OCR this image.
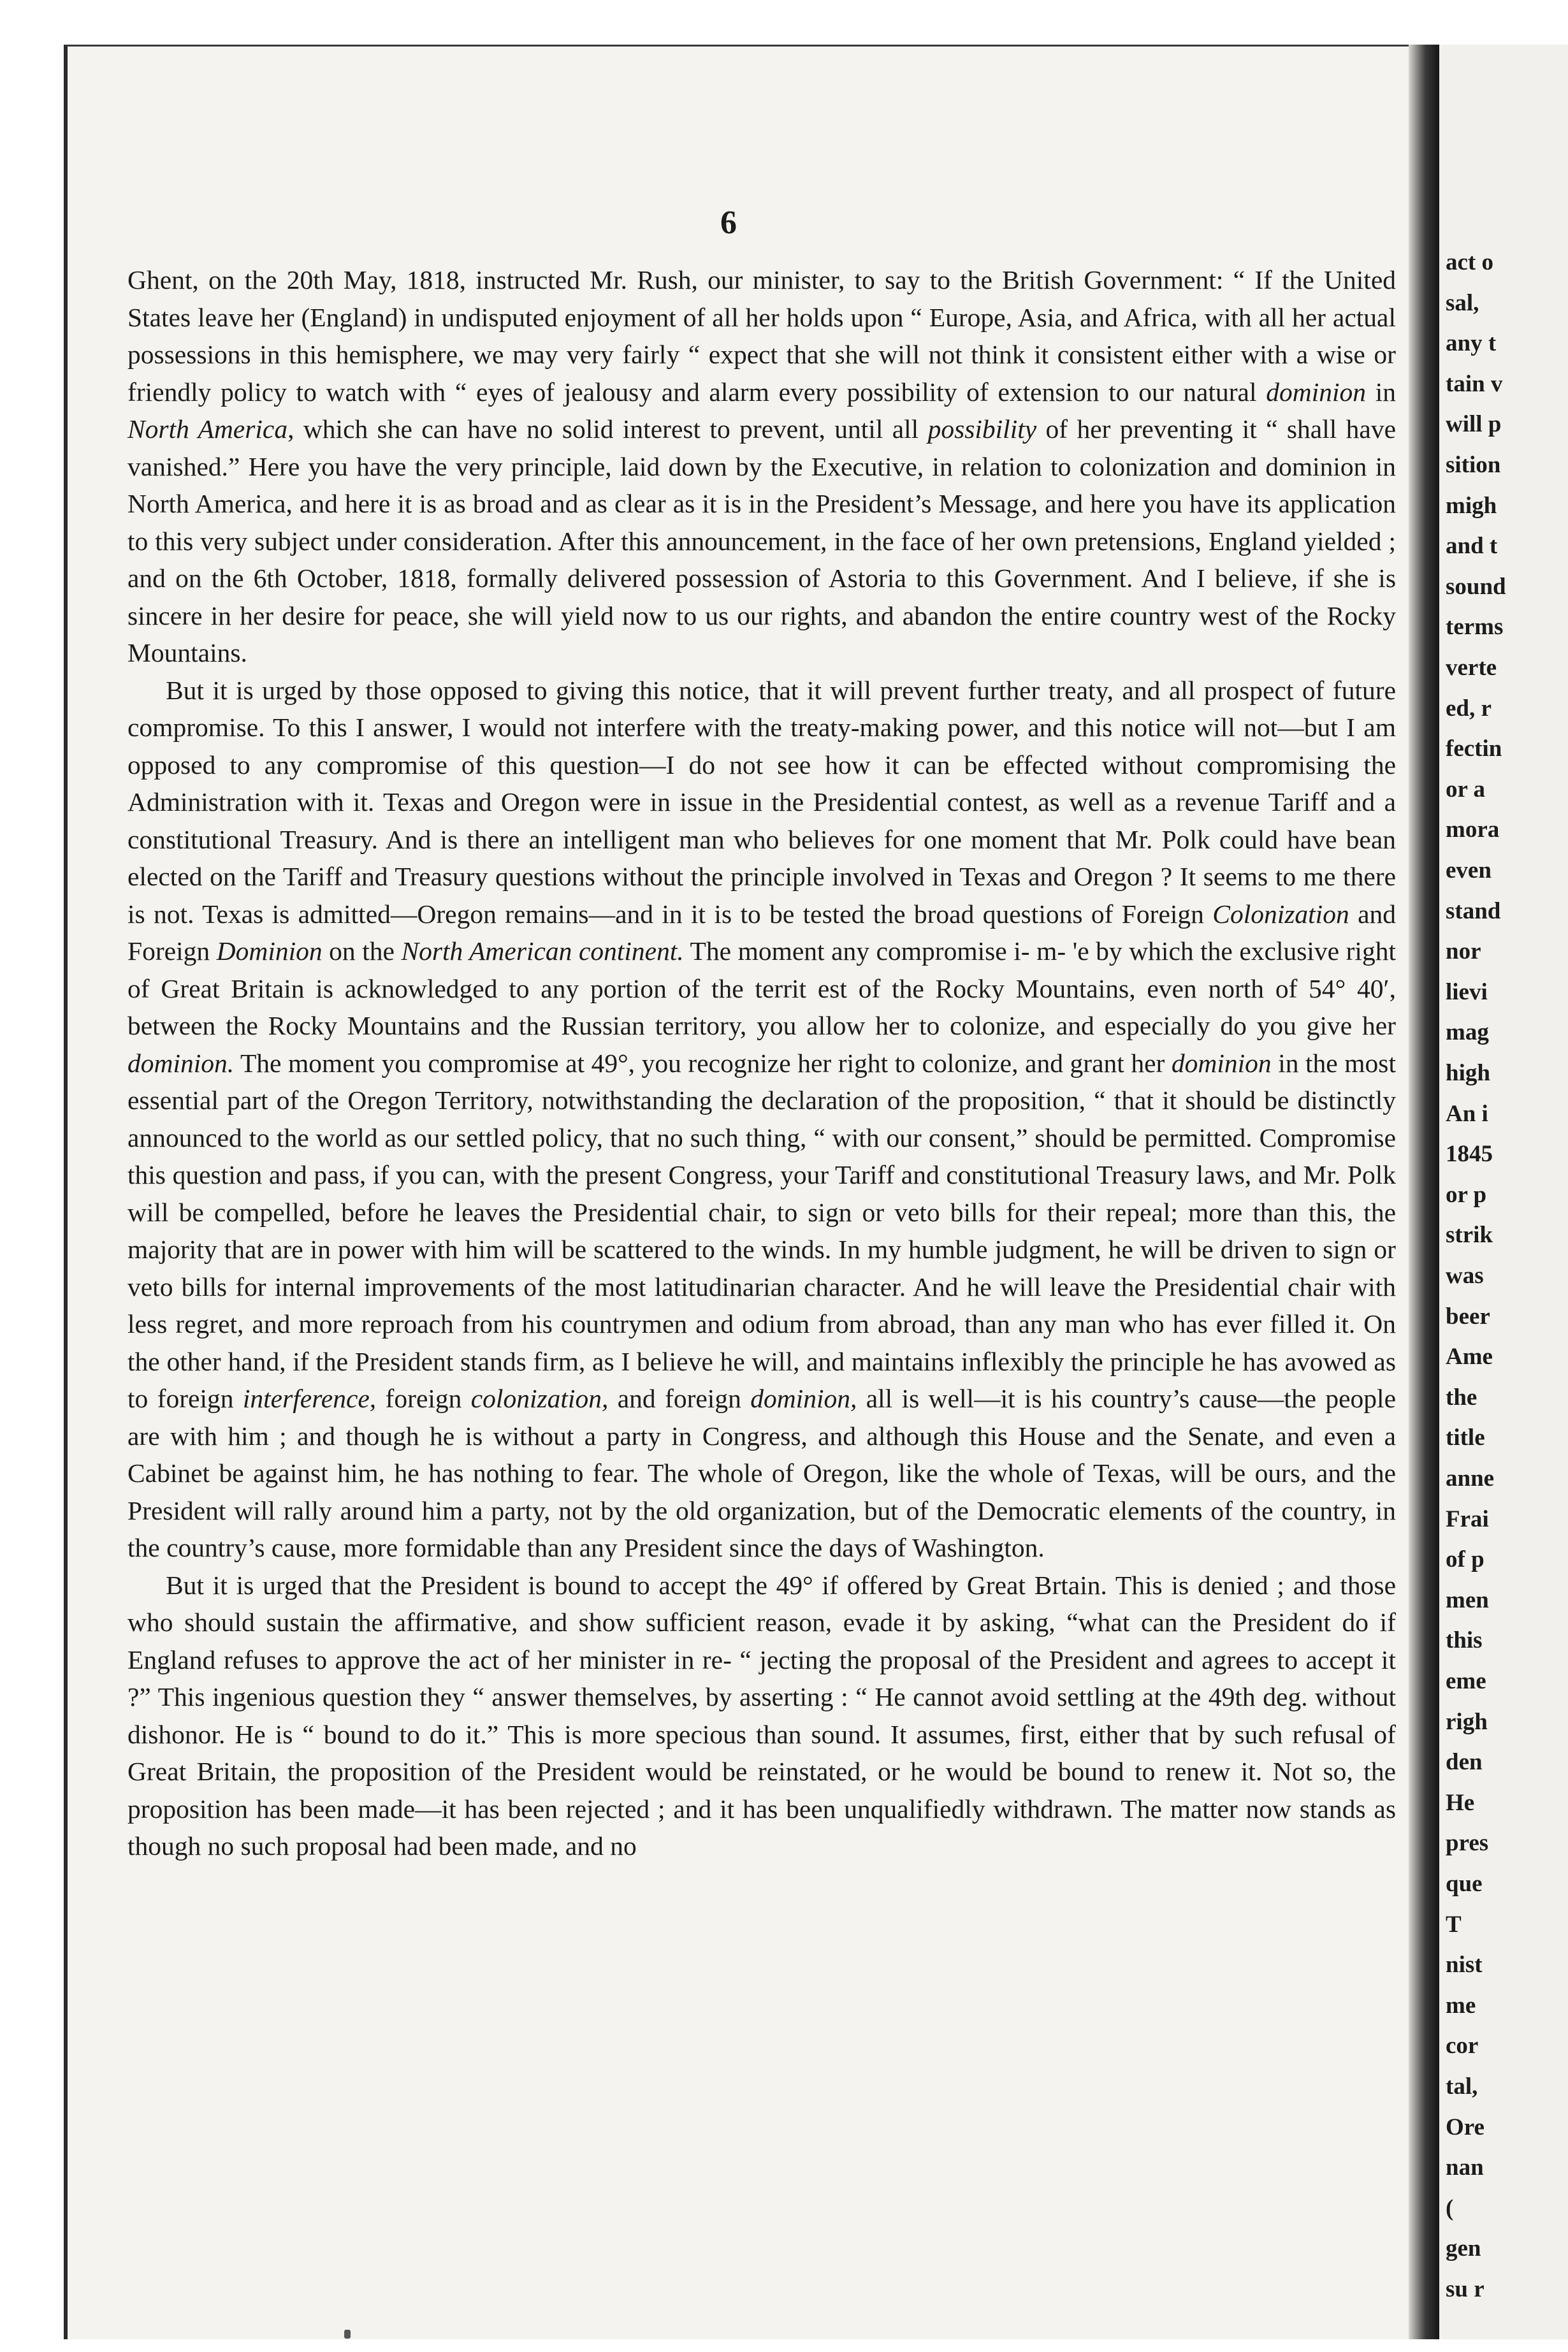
6

Ghent, on the 20th May, 1818, instructed Mr. Rush, our minister, to say to the British Government: “ If the United States leave her (England) in undisputed enjoyment of all her holds upon “ Europe, Asia, and Africa, with all her actual possessions in this hemisphere, we may very fairly “ expect that she will not think it consistent either with a wise or friendly policy to watch with “ eyes of jealousy and alarm every possibility of extension to our natural dominion in North America, which she can have no solid interest to prevent, until all possibility of her preventing it “ shall have vanished.” Here you have the very principle, laid down by the Executive, in relation to colonization and dominion in North America, and here it is as broad and as clear as it is in the President’s Message, and here you have its application to this very subject under consideration. After this announcement, in the face of her own pretensions, England yielded ; and on the 6th October, 1818, formally delivered possession of Astoria to this Government. And I believe, if she is sincere in her desire for peace, she will yield now to us our rights, and abandon the entire country west of the Rocky Mountains.

But it is urged by those opposed to giving this notice, that it will prevent further treaty, and all prospect of future compromise. To this I answer, I would not interfere with the treaty-making power, and this notice will not—but I am opposed to any compromise of this question—I do not see how it can be effected without compromising the Administration with it. Texas and Oregon were in issue in the Presidential contest, as well as a revenue Tariff and a constitutional Treasury. And is there an intelligent man who believes for one moment that Mr. Polk could have bean elected on the Tariff and Treasury questions without the principle involved in Texas and Oregon ? It seems to me there is not. Texas is admitted—Oregon remains—and in it is to be tested the broad questions of Foreign Colonization and Foreign Dominion on the North American continent. The moment any compromise i- m- 'e by which the exclusive right of Great Britain is acknowledged to any portion of the territ est of the Rocky Mountains, even north of 54° 40′, between the Rocky Mountains and the Russian territory, you allow her to colonize, and especially do you give her dominion. The moment you compromise at 49°, you recognize her right to colonize, and grant her dominion in the most essential part of the Oregon Territory, notwithstanding the declaration of the proposition, “ that it should be distinctly announced to the world as our settled policy, that no such thing, “ with our consent,” should be permitted. Compromise this question and pass, if you can, with the present Congress, your Tariff and constitutional Treasury laws, and Mr. Polk will be compelled, before he leaves the Presidential chair, to sign or veto bills for their repeal; more than this, the majority that are in power with him will be scattered to the winds. In my humble judgment, he will be driven to sign or veto bills for internal improvements of the most latitudinarian character. And he will leave the Presidential chair with less regret, and more reproach from his countrymen and odium from abroad, than any man who has ever filled it. On the other hand, if the President stands firm, as I believe he will, and maintains inflexibly the principle he has avowed as to foreign interference, foreign colonization, and foreign dominion, all is well—it is his country’s cause—the people are with him ; and though he is without a party in Congress, and although this House and the Senate, and even a Cabinet be against him, he has nothing to fear. The whole of Oregon, like the whole of Texas, will be ours, and the President will rally around him a party, not by the old organization, but of the Democratic elements of the country, in the country’s cause, more formidable than any President since the days of Washington.

But it is urged that the President is bound to accept the 49° if offered by Great Brtain. This is denied ; and those who should sustain the affirmative, and show sufficient reason, evade it by asking, “what can the President do if England refuses to approve the act of her minister in re- “ jecting the proposal of the President and agrees to accept it ?” This ingenious question they “ answer themselves, by asserting : “ He cannot avoid settling at the 49th deg. without dishonor. He is “ bound to do it.” This is more specious than sound. It assumes, first, either that by such refusal of Great Britain, the proposition of the President would be reinstated, or he would be bound to renew it. Not so, the proposition has been made—it has been rejected ; and it has been unqualifiedly withdrawn. The matter now stands as though no such proposal had been made, and no

act o
sal,
any t
tain v
will p
sition
migh
and t
sound
terms
verte
ed, r
fectin
or a
mora
even
stand
nor
lievi
mag
high
An i
1845
or p
strik
was
beer
Ame
the
title
anne
Frai
of p
men
this
eme
righ
den
He
pres
que
T
nist
me
cor
tal,
Ore
nan
(
gen
su r
